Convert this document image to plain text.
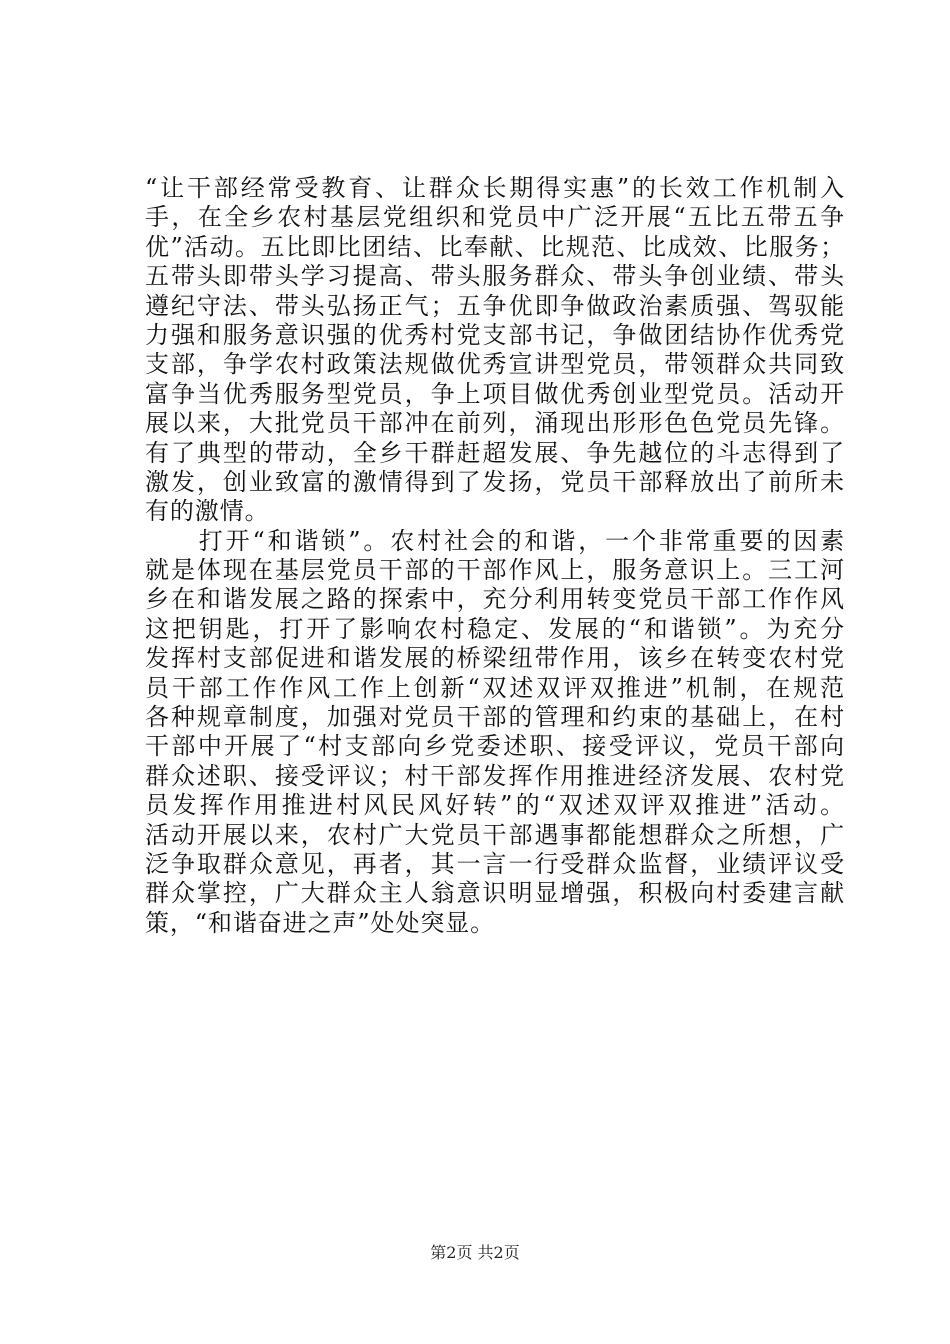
“让干部经常受教育、让群众长期得实惠”的长效工作机制入
手，在全乡农村基层党组织和党员中广泛开展“五比五带五争
优”活动。五比即比团结、比奉献、比规范、比成效、比服务；
五带头即带头学习提高、带头服务群众、带头争创业绩、带头
遵纪守法、带头弘扬正气；五争优即争做政治素质强、驾驭能
力强和服务意识强的优秀村党支部书记，争做团结协作优秀党
支部，争学农村政策法规做优秀宣讲型党员，带领群众共同致
富争当优秀服务型党员，争上项目做优秀创业型党员。活动开
展以来，大批党员干部冲在前列，涌现出形形色色党员先锋。
有了典型的带动，全乡干群赶超发展、争先越位的斗志得到了
激发，创业致富的激情得到了发扬，党员干部释放出了前所未
有的激情。
　　打开“和谐锁”。农村社会的和谐，一个非常重要的因素
就是体现在基层党员干部的干部作风上，服务意识上。三工河
乡在和谐发展之路的探索中，充分利用转变党员干部工作作风
这把钥匙，打开了影响农村稳定、发展的“和谐锁”。为充分
发挥村支部促进和谐发展的桥梁纽带作用，该乡在转变农村党
员干部工作作风工作上创新“双述双评双推进”机制，在规范
各种规章制度，加强对党员干部的管理和约束的基础上，在村
干部中开展了“村支部向乡党委述职、接受评议，党员干部向
群众述职、接受评议；村干部发挥作用推进经济发展、农村党
员发挥作用推进村风民风好转”的“双述双评双推进”活动。
活动开展以来，农村广大党员干部遇事都能想群众之所想，广
泛争取群众意见，再者，其一言一行受群众监督，业绩评议受
群众掌控，广大群众主人翁意识明显增强，积极向村委建言献
策，“和谐奋进之声”处处突显。
第2页 共2页
